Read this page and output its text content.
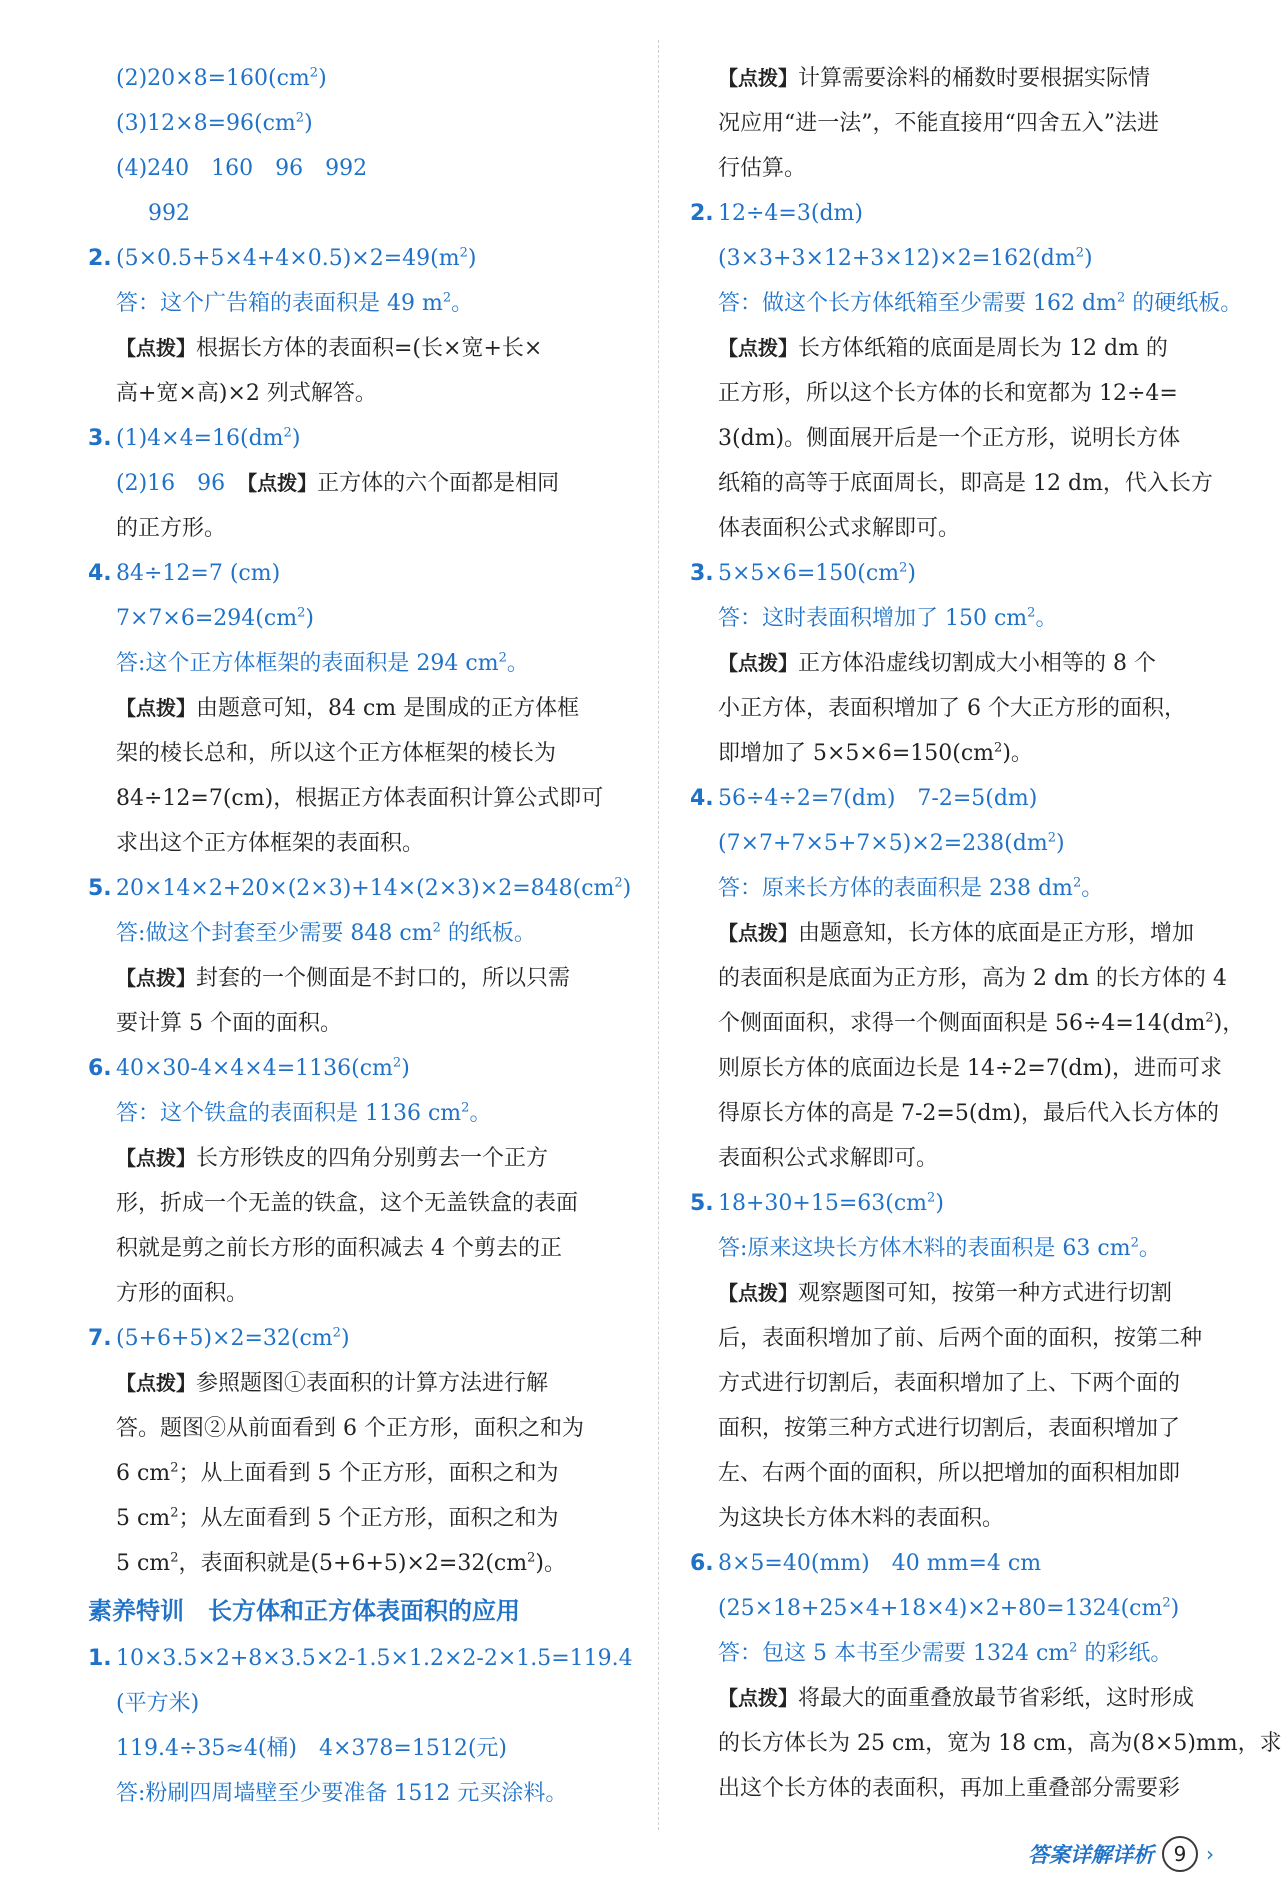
$(2)20\times 8=160(cm^2)$
$(3)12\times 8=96(cm^2)$
(4)240　160　96　992
992
2. $(5\times 0.5+5\times 4+4\times 0.5)\times 2=49(m^2)$
答：这个广告箱的表面积是 49 $m^2$。
【点拨】根据长方体的表面积=(长×宽+长×
高+宽×高)×2 列式解答。
3. $(1)4\times 4=16(dm^2)$
(2)16　96　【点拨】正方体的六个面都是相同
的正方形。
4. 84÷12=7 (cm)
$7\times 7\times 6=294(cm^2)$
答:这个正方体框架的表面积是 294 $cm^2$。
【点拨】由题意可知，84 cm 是围成的正方体框
架的棱长总和，所以这个正方体框架的棱长为
84÷12=7(cm)，根据正方体表面积计算公式即可
求出这个正方体框架的表面积。
5. $20\times 14\times 2+20\times(2\times 3)+14\times(2\times 3)\times 2=848(cm^2)$
答:做这个封套至少需要 848 $cm^2$ 的纸板。
【点拨】封套的一个侧面是不封口的，所以只需
要计算 5 个面的面积。
6. $40\times 30-4\times 4\times 4=1136(cm^2)$
答：这个铁盒的表面积是 1136 $cm^2$。
【点拨】长方形铁皮的四角分别剪去一个正方
形，折成一个无盖的铁盒，这个无盖铁盒的表面
积就是剪之前长方形的面积减去 4 个剪去的正
方形的面积。
7. $(5+6+5)\times 2=32(cm^2)$
【点拨】参照题图①表面积的计算方法进行解
答。题图②从前面看到 6 个正方形，面积之和为
6 $cm^2$；从上面看到 5 个正方形，面积之和为
5 $cm^2$；从左面看到 5 个正方形，面积之和为
5 $cm^2$，表面积就是$(5+6+5)\times 2=32(cm^2)$。
素养特训　长方体和正方体表面积的应用
1. 10×3.5×2+8×3.5×2-1.5×1.2×2-2×1.5=119.4
(平方米)
119.4÷35≈4(桶)　4×378=1512(元)
答:粉刷四周墙壁至少要准备 1512 元买涂料。
【点拨】计算需要涂料的桶数时要根据实际情
况应用“进一法”，不能直接用“四舍五入”法进
行估算。
2. 12÷4=3(dm)
$(3\times 3+3\times 12+3\times 12)\times 2=162(dm^2)$
答：做这个长方体纸箱至少需要 162 $dm^2$ 的硬纸板。
【点拨】长方体纸箱的底面是周长为 12 dm 的
正方形，所以这个长方体的长和宽都为 12÷4=
3(dm)。侧面展开后是一个正方形，说明长方体
纸箱的高等于底面周长，即高是 12 dm，代入长方
体表面积公式求解即可。
3. $5\times 5\times 6=150(cm^2)$
答：这时表面积增加了 150 $cm^2$。
【点拨】正方体沿虚线切割成大小相等的 8 个
小正方体，表面积增加了 6 个大正方形的面积，
即增加了 $5\times 5\times 6=150(cm^2)$。
4. 56÷4÷2=7(dm)　7-2=5(dm)
$(7\times 7+7\times 5+7\times 5)\times 2=238(dm^2)$
答：原来长方体的表面积是 238 $dm^2$。
【点拨】由题意知，长方体的底面是正方形，增加
的表面积是底面为正方形，高为 2 dm 的长方体的 4
个侧面面积，求得一个侧面面积是 $56\div 4=14(dm^2)$，
则原长方体的底面边长是 14÷2=7(dm)，进而可求
得原长方体的高是 7-2=5(dm)，最后代入长方体的
表面积公式求解即可。
5. $18+30+15=63(cm^2)$
答:原来这块长方体木料的表面积是 63 $cm^2$。
【点拨】观察题图可知，按第一种方式进行切割
后，表面积增加了前、后两个面的面积，按第二种
方式进行切割后，表面积增加了上、下两个面的
面积，按第三种方式进行切割后，表面积增加了
左、右两个面的面积，所以把增加的面积相加即
为这块长方体木料的表面积。
6. 8×5=40(mm)　40 mm=4 cm
$(25\times 18+25\times 4+18\times 4)\times 2+80=1324(cm^2)$
答：包这 5 本书至少需要 1324 $cm^2$ 的彩纸。
【点拨】将最大的面重叠放最节省彩纸，这时形成
的长方体长为 25 cm，宽为 18 cm，高为(8×5)mm，求
出这个长方体的表面积，再加上重叠部分需要彩
答案详解详析 9 ›
